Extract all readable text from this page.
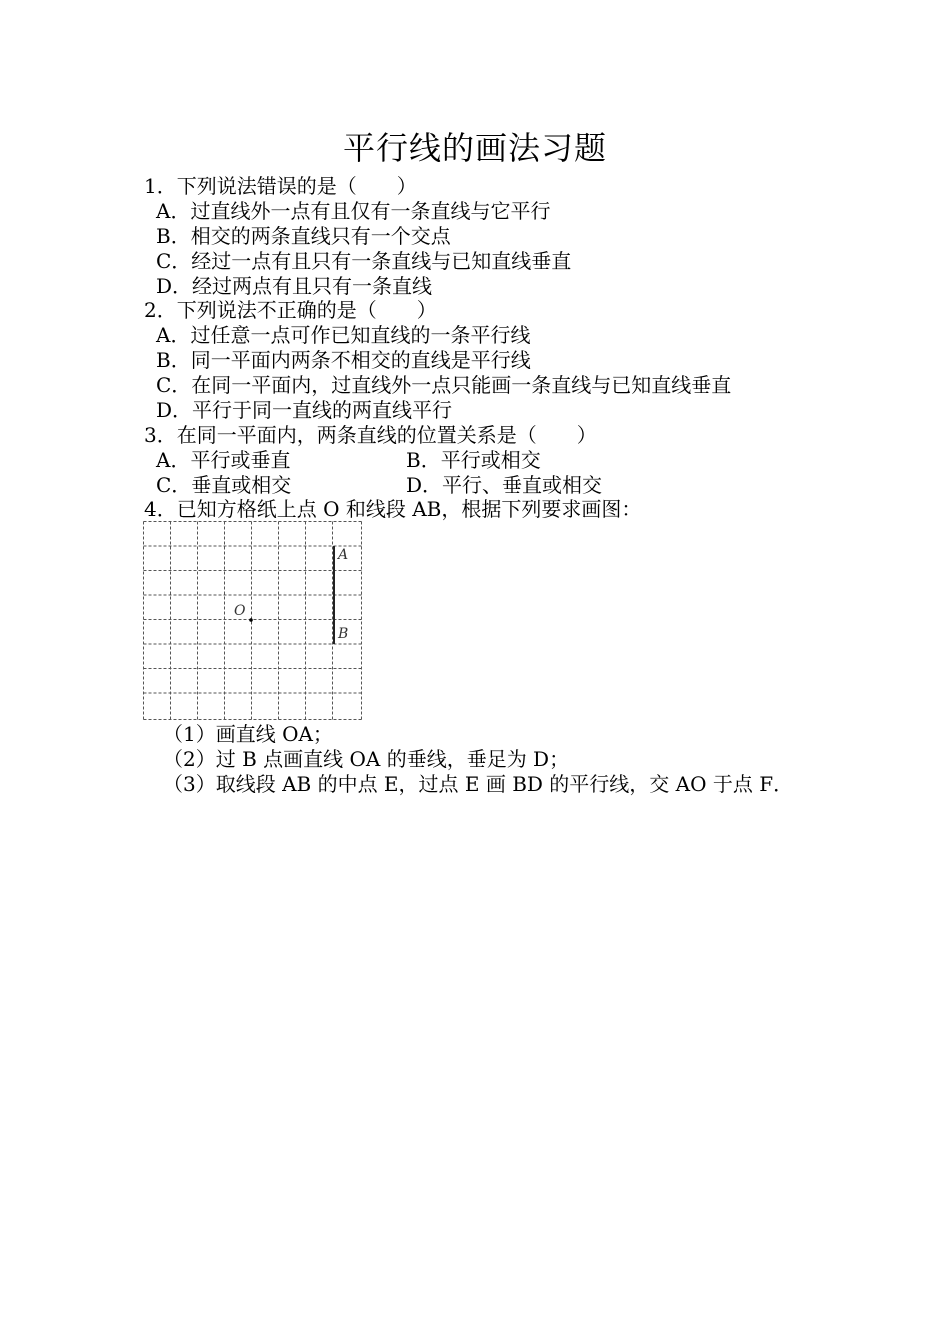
平行线的画法习题
1．下列说法错误的是（　　）
A．过直线外一点有且仅有一条直线与它平行
B．相交的两条直线只有一个交点
C．经过一点有且只有一条直线与已知直线垂直
D．经过两点有且只有一条直线
2．下列说法不正确的是（　　）
A．过任意一点可作已知直线的一条平行线
B．同一平面内两条不相交的直线是平行线
C．在同一平面内，过直线外一点只能画一条直线与已知直线垂直
D．平行于同一直线的两直线平行
3．在同一平面内，两条直线的位置关系是（　　）
A．平行或垂直	B．平行或相交
C．垂直或相交	D．平行、垂直或相交
4．已知方格纸上点 O 和线段 AB，根据下列要求画图：
O
A
B
（1）画直线 OA；
（2）过 B 点画直线 OA 的垂线，垂足为 D；
（3）取线段 AB 的中点 E，过点 E 画 BD 的平行线，交 AO 于点 F．
